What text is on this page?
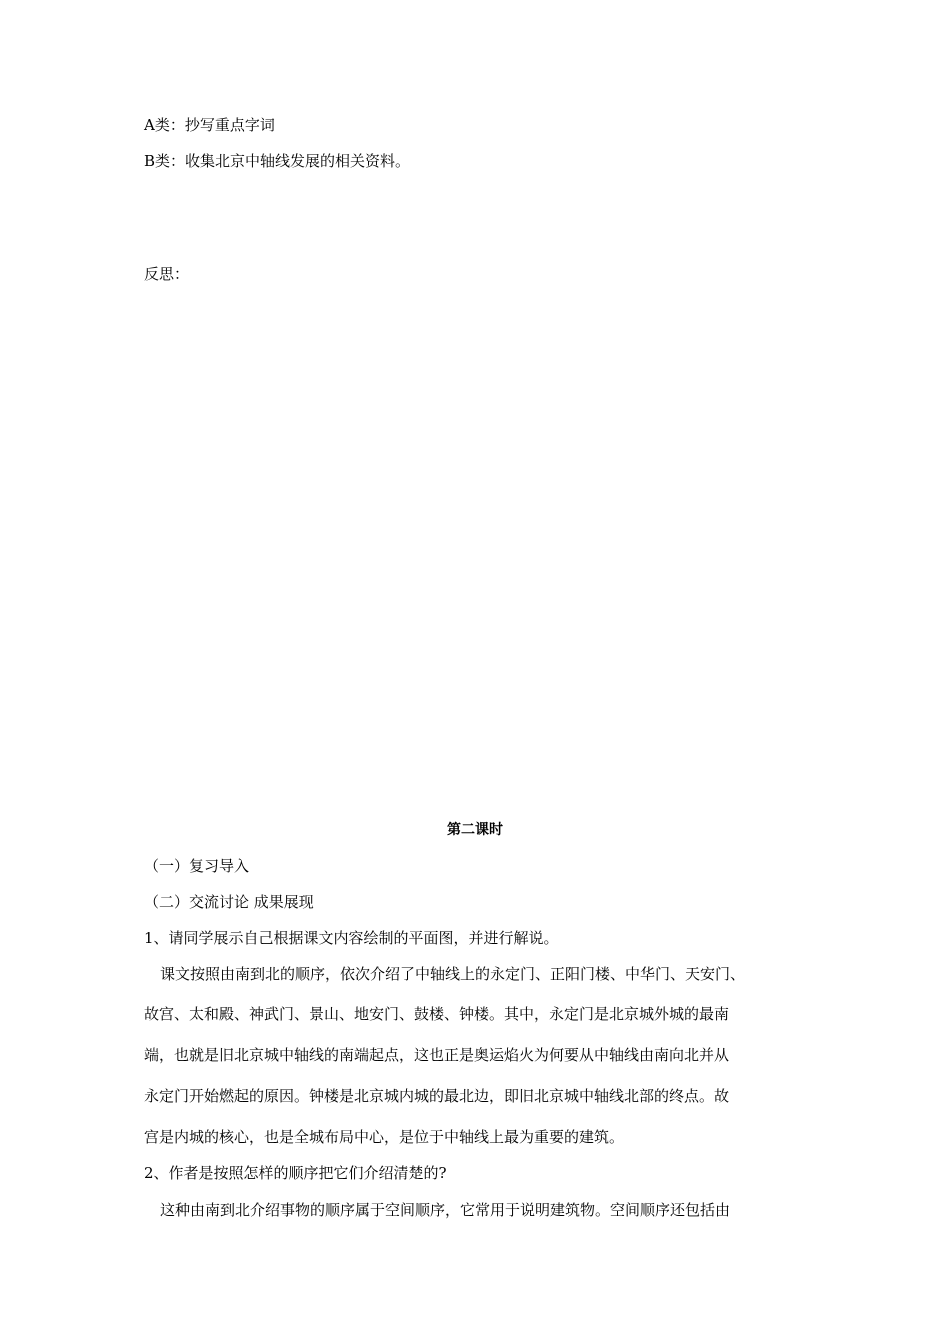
A类：抄写重点字词
B类：收集北京中轴线发展的相关资料。
反思：
第二课时
（一）复习导入
（二）交流讨论 成果展现
1、请同学展示自己根据课文内容绘制的平面图，并进行解说。
课文按照由南到北的顺序，依次介绍了中轴线上的永定门、正阳门楼、中华门、天安门、
故宫、太和殿、神武门、景山、地安门、鼓楼、钟楼。其中，永定门是北京城外城的最南
端，也就是旧北京城中轴线的南端起点，这也正是奥运焰火为何要从中轴线由南向北并从
永定门开始燃起的原因。钟楼是北京城内城的最北边，即旧北京城中轴线北部的终点。故
宫是内城的核心，也是全城布局中心，是位于中轴线上最为重要的建筑。
2、作者是按照怎样的顺序把它们介绍清楚的?
这种由南到北介绍事物的顺序属于空间顺序，它常用于说明建筑物。空间顺序还包括由
